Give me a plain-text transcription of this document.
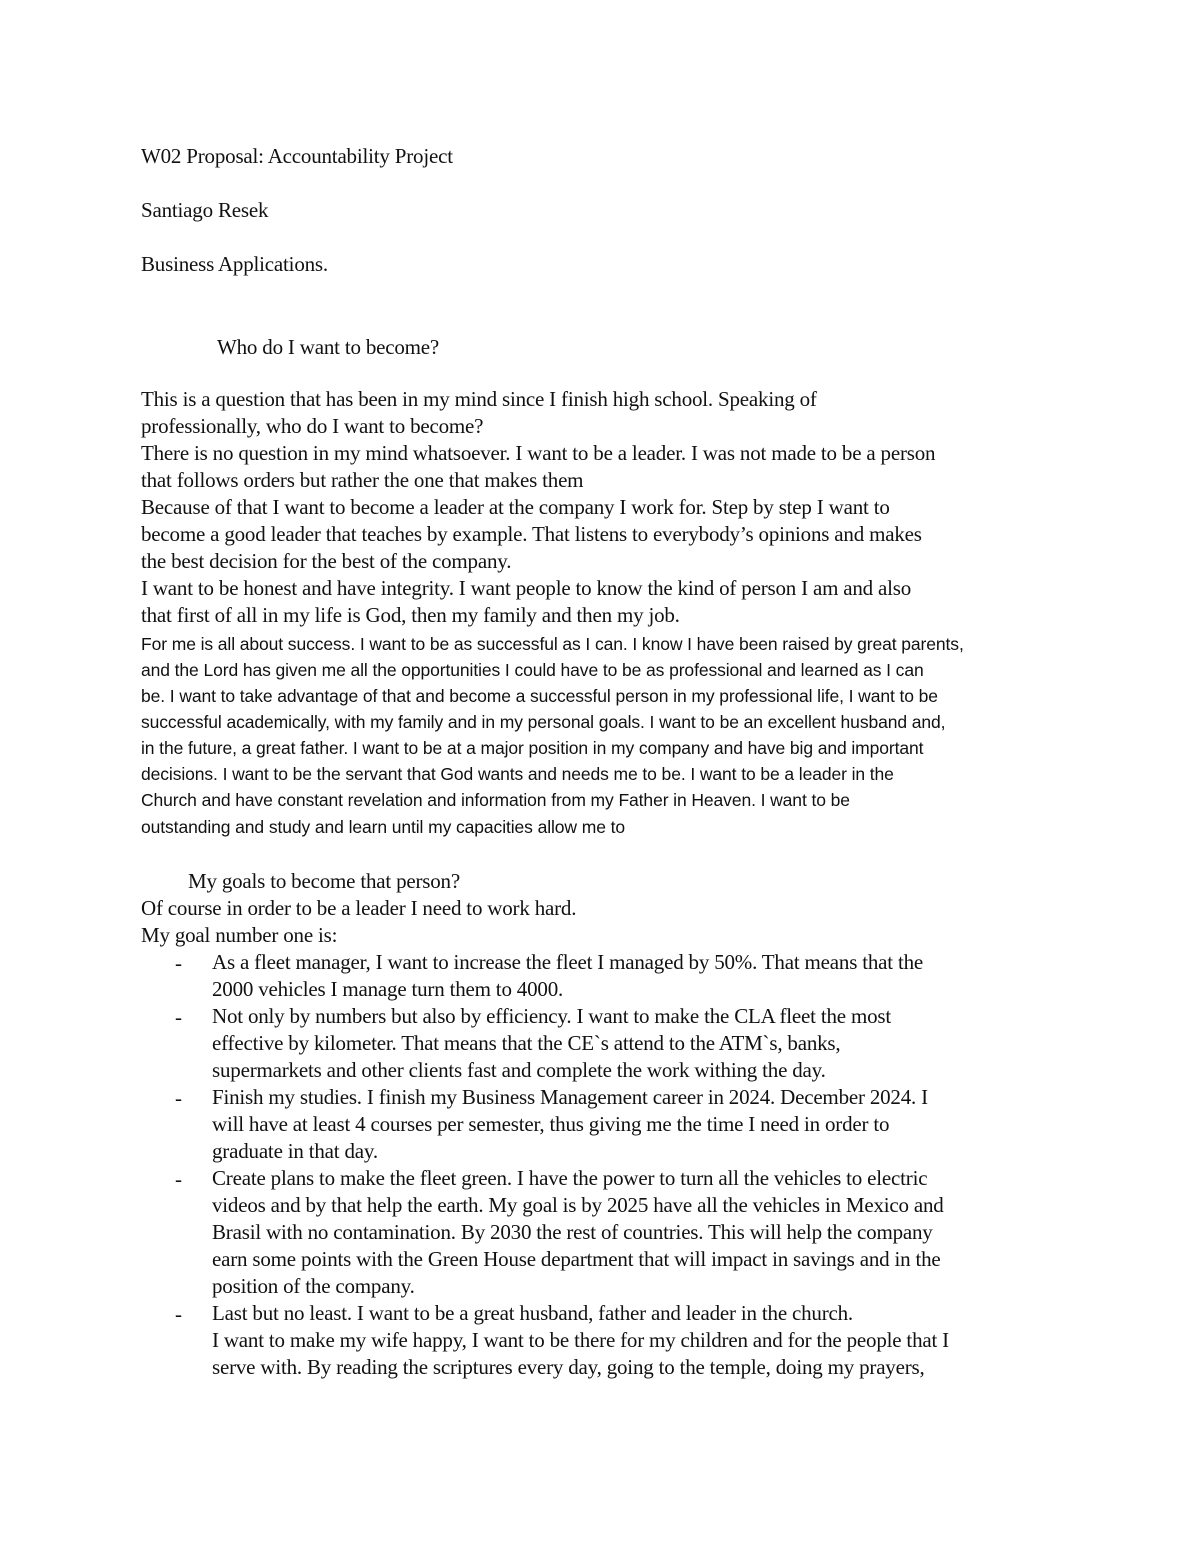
W02 Proposal: Accountability Project
Santiago Resek
Business Applications.
Who do I want to become?
This is a question that has been in my mind since I finish high school. Speaking of
professionally, who do I want to become?
There is no question in my mind whatsoever. I want to be a leader. I was not made to be a person
that follows orders but rather the one that makes them
Because of that I want to become a leader at the company I work for. Step by step I want to
become a good leader that teaches by example. That listens to everybody’s opinions and makes
the best decision for the best of the company.
I want to be honest and have integrity. I want people to know the kind of person I am and also
that first of all in my life is God, then my family and then my job.
For me is all about success. I want to be as successful as I can. I know I have been raised by great parents,
and the Lord has given me all the opportunities I could have to be as professional and learned as I can
be. I want to take advantage of that and become a successful person in my professional life, I want to be
successful academically, with my family and in my personal goals. I want to be an excellent husband and,
in the future, a great father. I want to be at a major position in my company and have big and important
decisions. I want to be the servant that God wants and needs me to be. I want to be a leader in the
Church and have constant revelation and information from my Father in Heaven. I want to be
outstanding and study and learn until my capacities allow me to
My goals to become that person?
Of course in order to be a leader I need to work hard.
My goal number one is:
- As a fleet manager, I want to increase the fleet I managed by 50%. That means that the
2000 vehicles I manage turn them to 4000.
- Not only by numbers but also by efficiency. I want to make the CLA fleet the most
effective by kilometer. That means that the CE`s attend to the ATM`s, banks,
supermarkets and other clients fast and complete the work withing the day.
- Finish my studies. I finish my Business Management career in 2024. December 2024. I
will have at least 4 courses per semester, thus giving me the time I need in order to
graduate in that day.
- Create plans to make the fleet green. I have the power to turn all the vehicles to electric
videos and by that help the earth. My goal is by 2025 have all the vehicles in Mexico and
Brasil with no contamination. By 2030 the rest of countries. This will help the company
earn some points with the Green House department that will impact in savings and in the
position of the company.
- Last but no least. I want to be a great husband, father and leader in the church.
I want to make my wife happy, I want to be there for my children and for the people that I
serve with. By reading the scriptures every day, going to the temple, doing my prayers,
